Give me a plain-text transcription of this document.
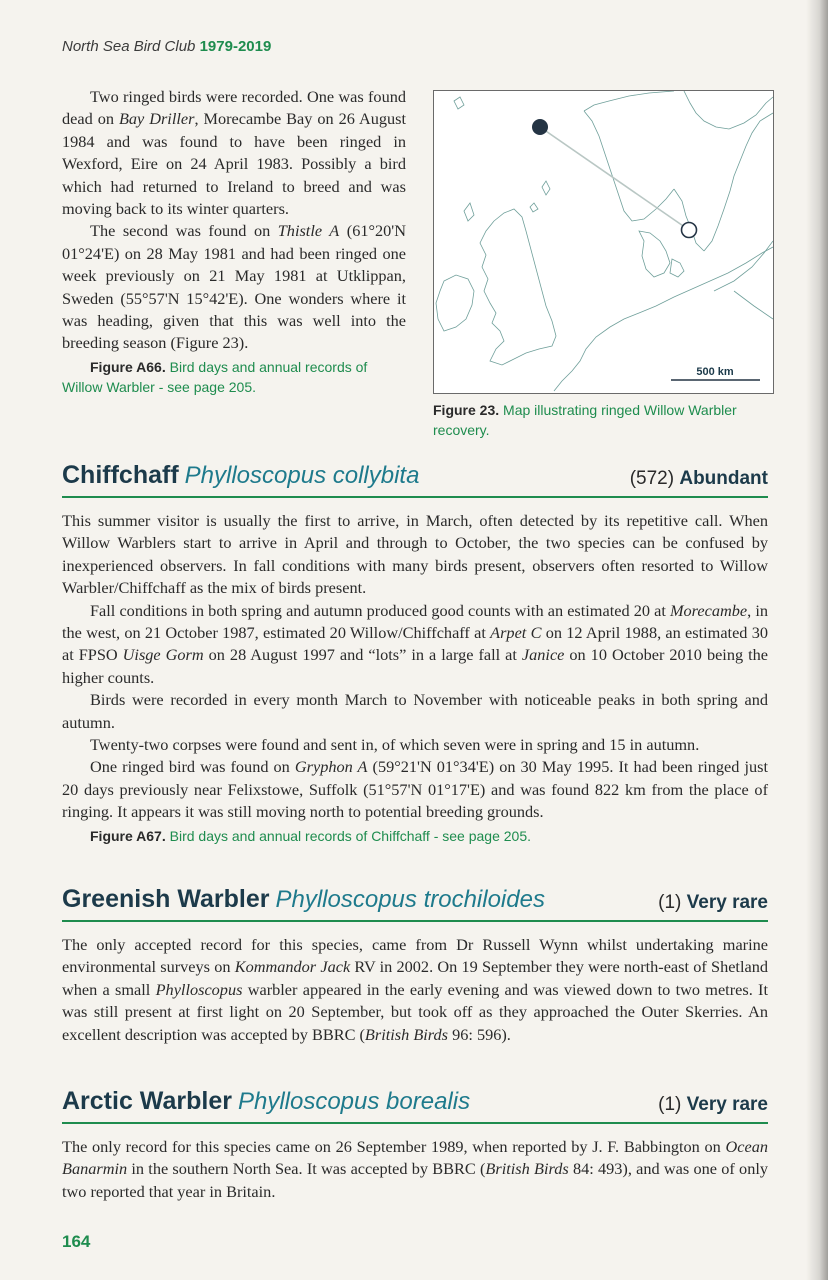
North Sea Bird Club 1979-2019

Two ringed birds were recorded. One was found dead on Bay Driller, Morecambe Bay on 26 August 1984 and was found to have been ringed in Wexford, Eire on 24 April 1983. Possibly a bird which had returned to Ireland to breed and was moving back to its winter quarters.

The second was found on Thistle A (61°20'N 01°24'E) on 28 May 1981 and had been ringed one week previously on 21 May 1981 at Utklippan, Sweden (55°57'N 15°42'E). One wonders where it was heading, given that this was well into the breeding season (Figure 23).

Figure A66. Bird days and annual records of Willow Warbler - see page 205.
500 km
Figure 23. Map illustrating ringed Willow Warbler recovery.
Chiffchaff Phylloscopus collybita	(572) Abundant

This summer visitor is usually the first to arrive, in March, often detected by its repetitive call. When Willow Warblers start to arrive in April and through to October, the two species can be confused by inexperienced observers. In fall conditions with many birds present, observers often resorted to Willow Warbler/Chiffchaff as the mix of birds present.

Fall conditions in both spring and autumn produced good counts with an estimated 20 at Morecambe, in the west, on 21 October 1987, estimated 20 Willow/Chiffchaff at Arpet C on 12 April 1988, an estimated 30 at FPSO Uisge Gorm on 28 August 1997 and “lots” in a large fall at Janice on 10 October 2010 being the higher counts.

Birds were recorded in every month March to November with noticeable peaks in both spring and autumn.

Twenty-two corpses were found and sent in, of which seven were in spring and 15 in autumn.

One ringed bird was found on Gryphon A (59°21'N 01°34'E) on 30 May 1995. It had been ringed just 20 days previously near Felixstowe, Suffolk (51°57'N 01°17'E) and was found 822 km from the place of ringing. It appears it was still moving north to potential breeding grounds.

Figure A67. Bird days and annual records of Chiffchaff - see page 205.
Greenish Warbler Phylloscopus trochiloides	(1) Very rare

The only accepted record for this species, came from Dr Russell Wynn whilst undertaking marine environmental surveys on Kommandor Jack RV in 2002. On 19 September they were north-east of Shetland when a small Phylloscopus warbler appeared in the early evening and was viewed down to two metres. It was still present at first light on 20 September, but took off as they approached the Outer Skerries. An excellent description was accepted by BBRC (British Birds 96: 596).

Arctic Warbler Phylloscopus borealis	(1) Very rare

The only record for this species came on 26 September 1989, when reported by J. F. Babbington on Ocean Banarmin in the southern North Sea. It was accepted by BBRC (British Birds 84: 493), and was one of only two reported that year in Britain.

164
